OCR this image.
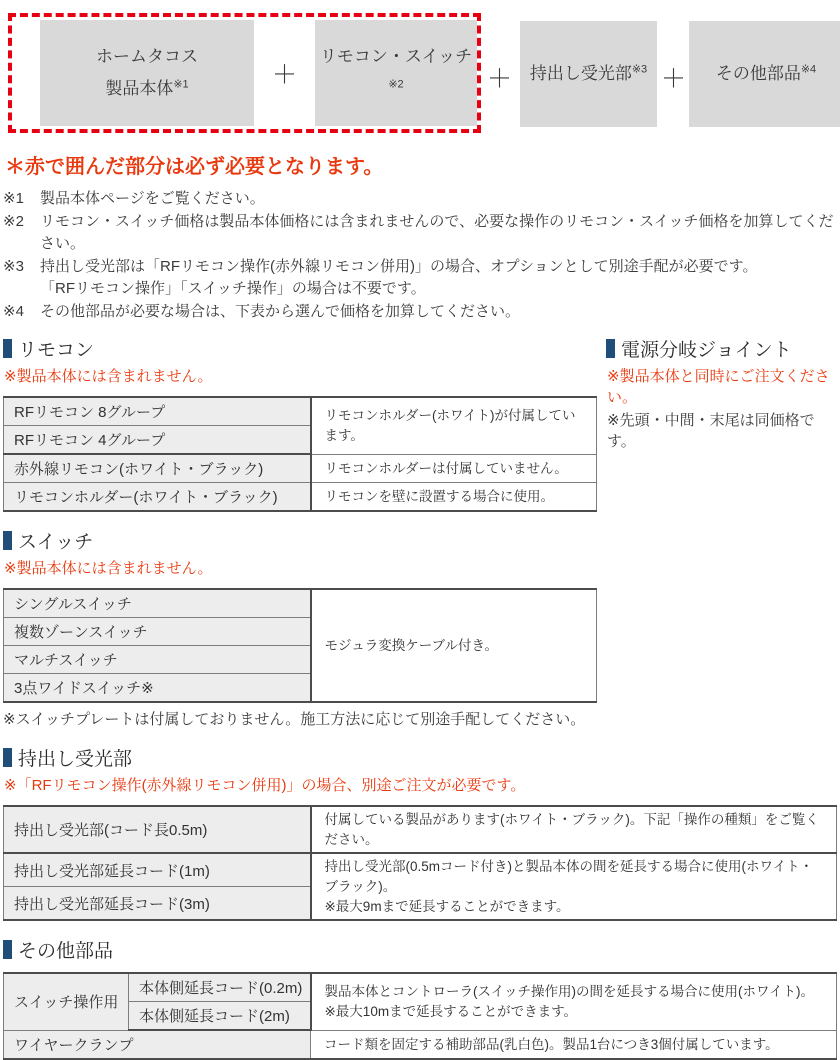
ホームタコス
製品本体$^{※1}$	＋
リモコン・スイッチ$^{※2}$	＋ 持出し受光部$^{※3}$ ＋ その他部品$^{※4}$
＊赤で囲んだ部分は必ず必要となります。
※1	製品本体ページをご覧ください。
※2	リモコン・スイッチ価格は製品本体価格には含まれませんので、必要な操作のリモコン・スイッチ価格を加算してください。
※3	持出し受光部は「RFリモコン操作(赤外線リモコン併用)」の場合、オプションとして別途手配が必要です。
「RFリモコン操作」「スイッチ操作」の場合は不要です。
※4	その他部品が必要な場合は、下表から選んで価格を加算してください。
リモコン
※製品本体には含まれません。
RFリモコン 8グループ	リモコンホルダー(ホワイト)が付属しています。
RFリモコン 4グループ	
赤外線リモコン(ホワイト・ブラック)	リモコンホルダーは付属していません。
リモコンホルダー(ホワイト・ブラック)	リモコンを壁に設置する場合に使用。
電源分岐ジョイント
※製品本体と同時にご注文ください。
※先頭・中間・末尾は同価格です。
スイッチ
※製品本体には含まれません。
シングルスイッチ	モジュラ変換ケーブル付き。
複数ゾーンスイッチ
マルチスイッチ
3点ワイドスイッチ※
※スイッチプレートは付属しておりません。施工方法に応じて別途手配してください。
持出し受光部
※「RFリモコン操作(赤外線リモコン併用)」の場合、別途ご注文が必要です。
持出し受光部(コード長0.5m)	付属している製品があります(ホワイト・ブラック)。下記「操作の種類」をご覧ください。
持出し受光部延長コード(1m)	持出し受光部(0.5mコード付き)と製品本体の間を延長する場合に使用(ホワイト・ブラック)。
※最大9mまで延長することができます。

持出し受光部延長コード(3m)	
その他部品
スイッチ操作用	本体側延長コード(0.2m)	製品本体とコントローラ(スイッチ操作用)の間を延長する場合に使用(ホワイト)。
※最大10mまで延長することができます。

	本体側延長コード(2m)	
ワイヤークランプ		コード類を固定する補助部品(乳白色)。製品1台につき3個付属しています。
